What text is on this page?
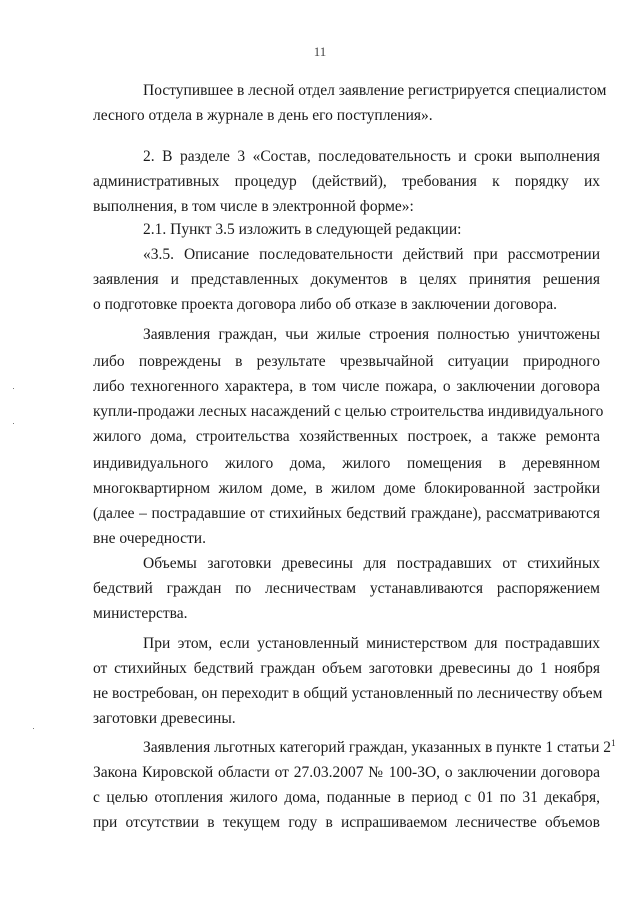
11
Поступившее в лесной отдел заявление регистрируется специалистом
лесного отдела в журнале в день его поступления».
2. В разделе 3 «Состав, последовательность и сроки выполнения
административных процедур (действий), требования к порядку их
выполнения, в том числе в электронной форме»:
2.1. Пункт 3.5 изложить в следующей редакции:
«3.5. Описание последовательности действий при рассмотрении
заявления и представленных документов в целях принятия решения
о подготовке проекта договора либо об отказе в заключении договора.
Заявления граждан, чьи жилые строения полностью уничтожены
либо повреждены в результате чрезвычайной ситуации природного
либо техногенного характера, в том числе пожара, о заключении договора
купли-продажи лесных насаждений с целью строительства индивидуального
жилого дома, строительства хозяйственных построек, а также ремонта
индивидуального жилого дома, жилого помещения в деревянном
многоквартирном жилом доме, в жилом доме блокированной застройки
(далее – пострадавшие от стихийных бедствий граждане), рассматриваются
вне очередности.
Объемы заготовки древесины для пострадавших от стихийных
бедствий граждан по лесничествам устанавливаются распоряжением
министерства.
При этом, если установленный министерством для пострадавших
от стихийных бедствий граждан объем заготовки древесины до 1 ноября
не востребован, он переходит в общий установленный по лесничеству объем
заготовки древесины.
Заявления льготных категорий граждан, указанных в пункте 1 статьи $2^1$
Закона Кировской области от 27.03.2007 № 100-ЗО, о заключении договора
с целью отопления жилого дома, поданные в период с 01 по 31 декабря,
при отсутствии в текущем году в испрашиваемом лесничестве объемов
